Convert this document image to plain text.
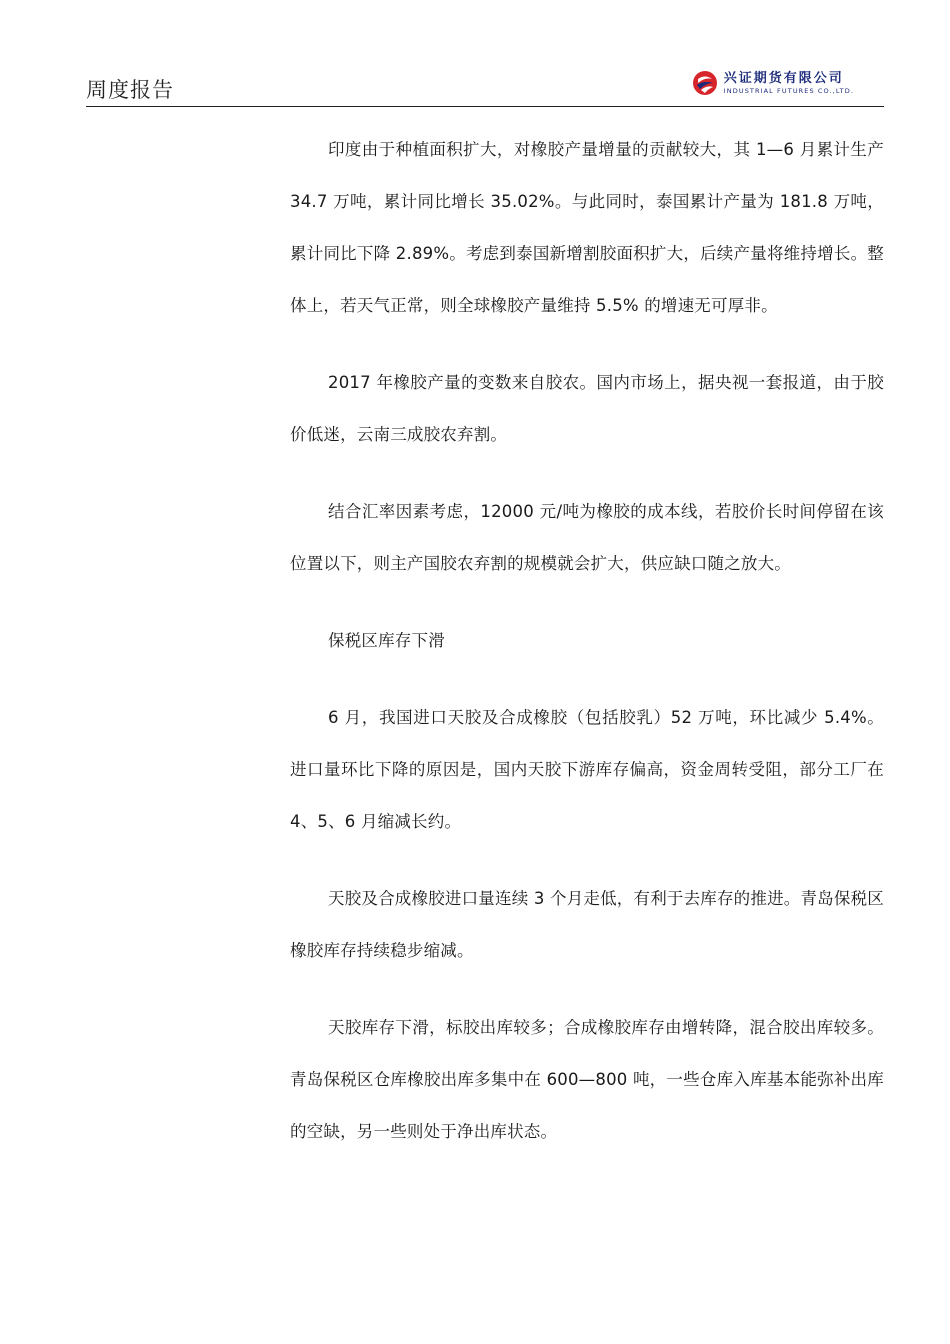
周度报告	兴证期货有限公司
INDUSTRIAL FUTURES CO.,LTD.

印度由于种植面积扩大，对橡胶产量增量的贡献较大，其 1—6 月累计生产 34.7 万吨，累计同比增长 35.02%。与此同时，泰国累计产量为 181.8 万吨，累计同比下降 2.89%。考虑到泰国新增割胶面积扩大，后续产量将维持增长。整体上，若天气正常，则全球橡胶产量维持 5.5% 的增速无可厚非。

2017 年橡胶产量的变数来自胶农。国内市场上，据央视一套报道，由于胶价低迷，云南三成胶农弃割。

结合汇率因素考虑，12000 元/吨为橡胶的成本线，若胶价长时间停留在该位置以下，则主产国胶农弃割的规模就会扩大，供应缺口随之放大。

保税区库存下滑

6 月，我国进口天胶及合成橡胶（包括胶乳）52 万吨，环比减少 5.4%。进口量环比下降的原因是，国内天胶下游库存偏高，资金周转受阻，部分工厂在 4、5、6 月缩减长约。

天胶及合成橡胶进口量连续 3 个月走低，有利于去库存的推进。青岛保税区橡胶库存持续稳步缩减。

天胶库存下滑，标胶出库较多；合成橡胶库存由增转降，混合胶出库较多。青岛保税区仓库橡胶出库多集中在 600—800 吨，一些仓库入库基本能弥补出库的空缺，另一些则处于净出库状态。
